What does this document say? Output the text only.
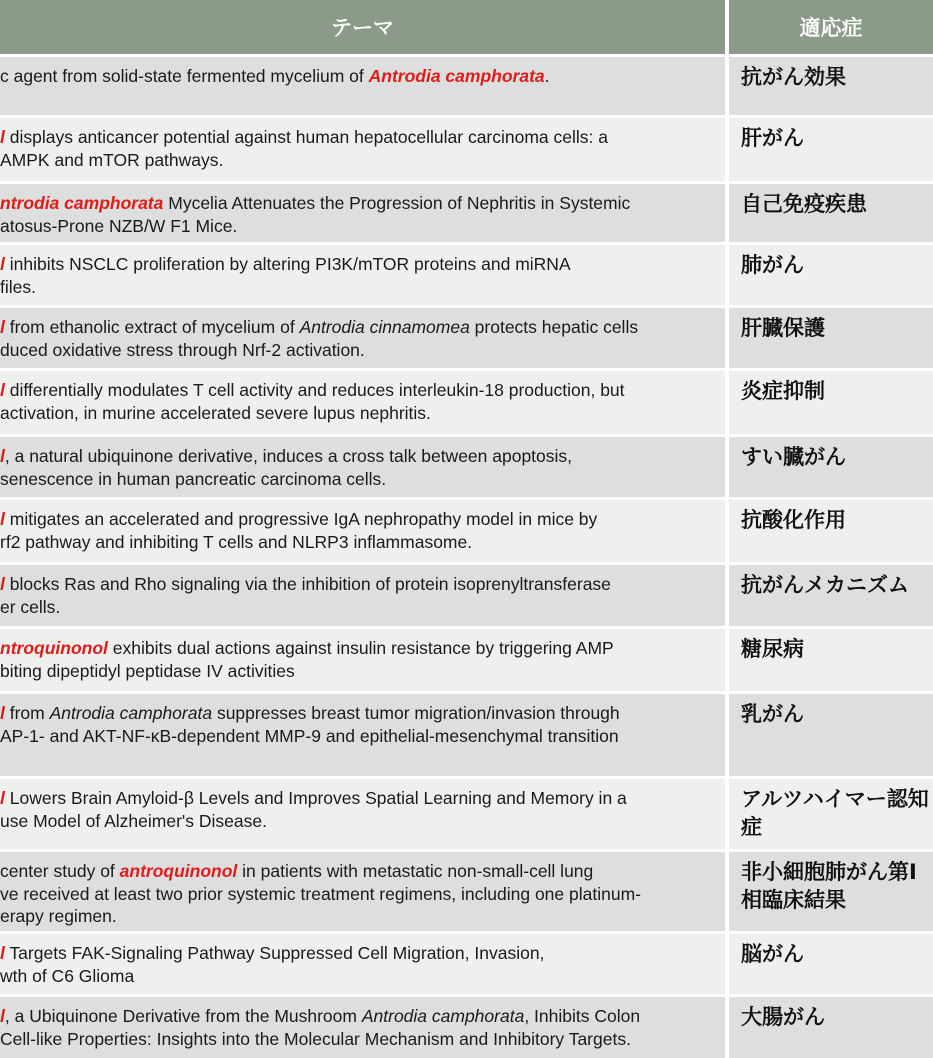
テーマ	適応症
c agent from solid-state fermented mycelium of Antrodia camphorata.	抗がん効果
l displays anticancer potential against human hepatocellular carcinoma cells: a
AMPK and mTOR pathways.
肝がん
ntrodia camphorata Mycelia Attenuates the Progression of Nephritis in Systemic
atosus-Prone NZB/W F1 Mice.
自己免疫疾患
l inhibits NSCLC proliferation by altering PI3K/mTOR proteins and miRNA
files.
肺がん
l from ethanolic extract of mycelium of Antrodia cinnamomea protects hepatic cells
duced oxidative stress through Nrf-2 activation.
肝臓保護
l differentially modulates T cell activity and reduces interleukin-18 production, but
activation, in murine accelerated severe lupus nephritis.
炎症抑制
l, a natural ubiquinone derivative, induces a cross talk between apoptosis,
senescence in human pancreatic carcinoma cells.
すい臓がん
l mitigates an accelerated and progressive IgA nephropathy model in mice by
rf2 pathway and inhibiting T cells and NLRP3 inflammasome.
抗酸化作用
l blocks Ras and Rho signaling via the inhibition of protein isoprenyltransferase
er cells.
抗がんメカニズム
ntroquinonol exhibits dual actions against insulin resistance by triggering AMP
biting dipeptidyl peptidase IV activities
糖尿病
l from Antrodia camphorata suppresses breast tumor migration/invasion through
AP-1- and AKT-NF-κB-dependent MMP-9 and epithelial-mesenchymal transition
乳がん
l Lowers Brain Amyloid-β Levels and Improves Spatial Learning and Memory in a
use Model of Alzheimer's Disease.
アルツハイマー認知症
center study of antroquinonol in patients with metastatic non-small-cell lung
ve received at least two prior systemic treatment regimens, including one platinum-
erapy regimen.
非小細胞肺がん第Ⅰ相臨床結果
l Targets FAK-Signaling Pathway Suppressed Cell Migration, Invasion,
wth of C6 Glioma
脳がん
l, a Ubiquinone Derivative from the Mushroom Antrodia camphorata, Inhibits Colon
Cell-like Properties: Insights into the Molecular Mechanism and Inhibitory Targets.
大腸がん
